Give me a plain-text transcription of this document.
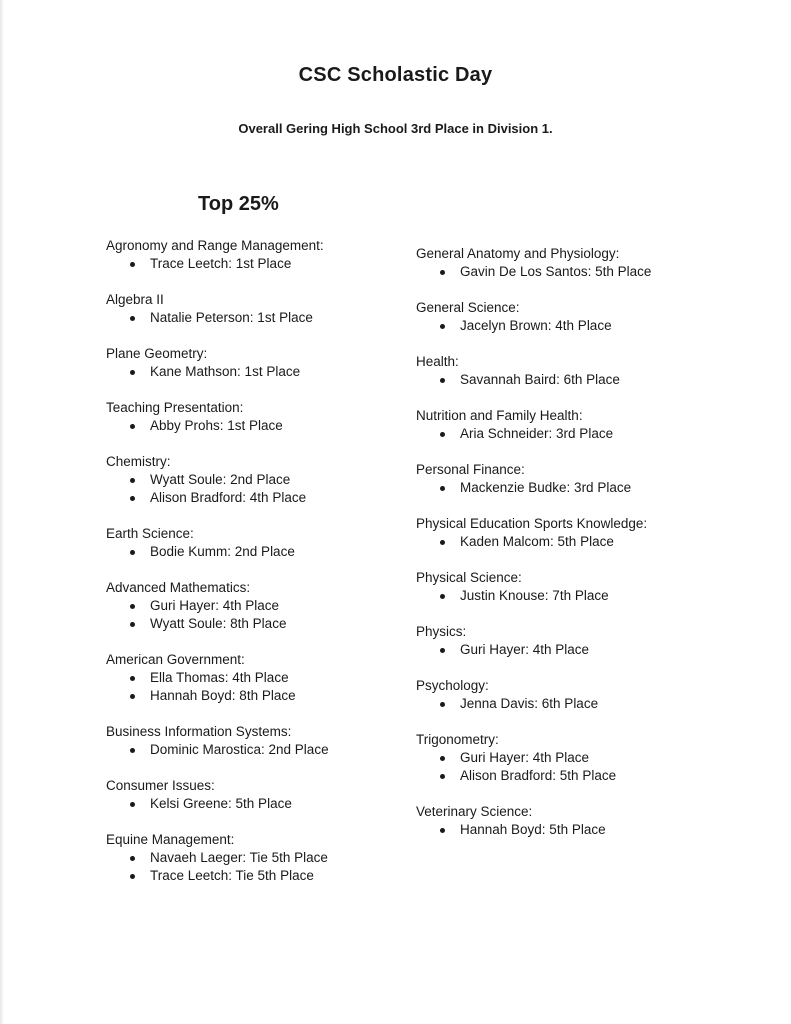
CSC Scholastic Day
Overall Gering High School 3rd Place in Division 1.
Top 25%
Agronomy and Range Management:
Trace Leetch: 1st Place
Algebra II
Natalie Peterson: 1st Place
Plane Geometry:
Kane Mathson: 1st Place
Teaching Presentation:
Abby Prohs: 1st Place
Chemistry:
Wyatt Soule: 2nd Place
Alison Bradford: 4th Place
Earth Science:
Bodie Kumm: 2nd Place
Advanced Mathematics:
Guri Hayer: 4th Place
Wyatt Soule: 8th Place
American Government:
Ella Thomas: 4th Place
Hannah Boyd: 8th Place
Business Information Systems:
Dominic Marostica: 2nd Place
Consumer Issues:
Kelsi Greene: 5th Place
Equine Management:
Navaeh Laeger: Tie 5th Place
Trace Leetch: Tie 5th Place
General Anatomy and Physiology:
Gavin De Los Santos: 5th Place
General Science:
Jacelyn Brown: 4th Place
Health:
Savannah Baird: 6th Place
Nutrition and Family Health:
Aria Schneider: 3rd Place
Personal Finance:
Mackenzie Budke: 3rd Place
Physical Education Sports Knowledge:
Kaden Malcom: 5th Place
Physical Science:
Justin Knouse: 7th Place
Physics:
Guri Hayer: 4th Place
Psychology:
Jenna Davis: 6th Place
Trigonometry:
Guri Hayer: 4th Place
Alison Bradford: 5th Place
Veterinary Science:
Hannah Boyd: 5th Place
